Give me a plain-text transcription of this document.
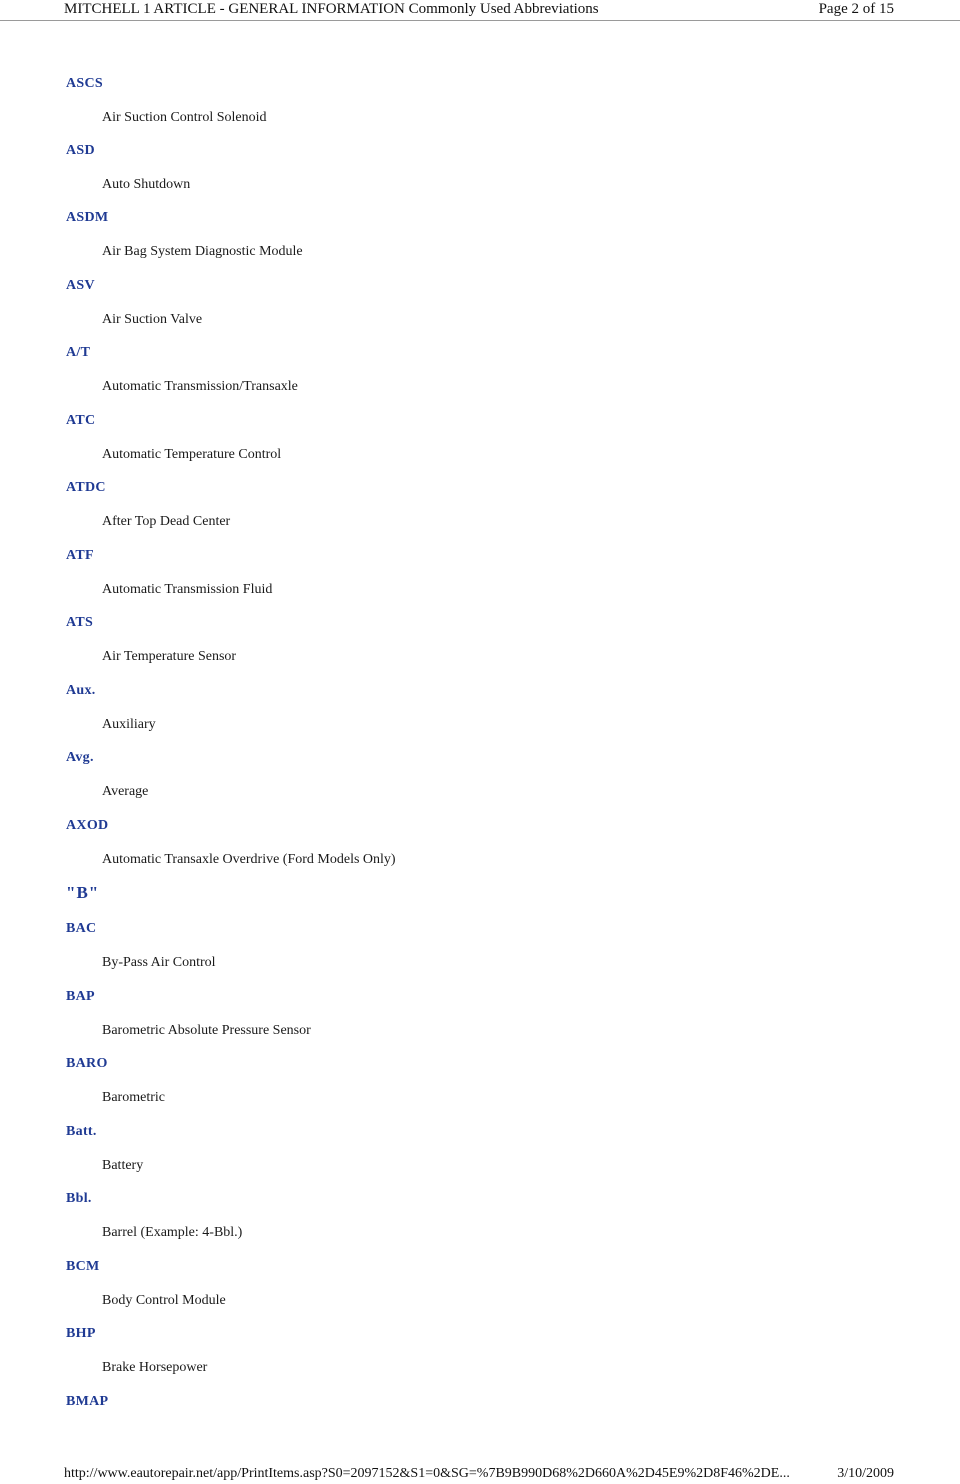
MITCHELL 1 ARTICLE - GENERAL INFORMATION Commonly Used Abbreviations	Page 2 of 15
ASCS
Air Suction Control Solenoid
ASD
Auto Shutdown
ASDM
Air Bag System Diagnostic Module
ASV
Air Suction Valve
A/T
Automatic Transmission/Transaxle
ATC
Automatic Temperature Control
ATDC
After Top Dead Center
ATF
Automatic Transmission Fluid
ATS
Air Temperature Sensor
Aux.
Auxiliary
Avg.
Average
AXOD
Automatic Transaxle Overdrive (Ford Models Only)
"B"
BAC
By-Pass Air Control
BAP
Barometric Absolute Pressure Sensor
BARO
Barometric
Batt.
Battery
Bbl.
Barrel (Example: 4-Bbl.)
BCM
Body Control Module
BHP
Brake Horsepower
BMAP
http://www.eautorepair.net/app/PrintItems.asp?S0=2097152&S1=0&SG=%7B9B990D68%2D660A%2D45E9%2D8F46%2DE...	3/10/2009
